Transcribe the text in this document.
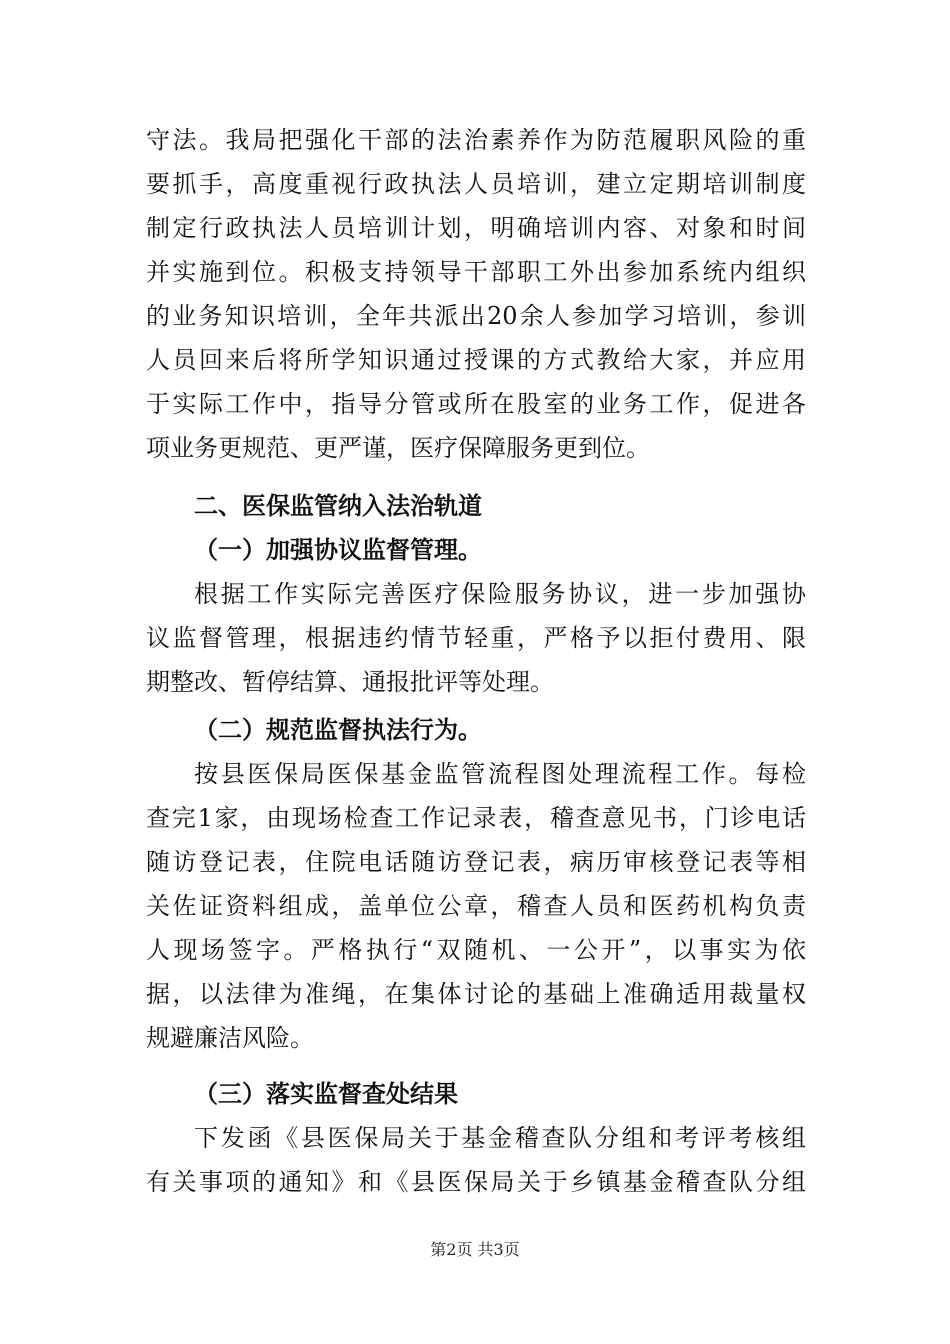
守法。我局把强化干部的法治素养作为防范履职风险的重
要抓手，高度重视行政执法人员培训，建立定期培训制度
制定行政执法人员培训计划，明确培训内容、对象和时间
并实施到位。积极支持领导干部职工外出参加系统内组织
的业务知识培训，全年共派出20余人参加学习培训，参训
人员回来后将所学知识通过授课的方式教给大家，并应用
于实际工作中，指导分管或所在股室的业务工作，促进各
项业务更规范、更严谨，医疗保障服务更到位。
二、医保监管纳入法治轨道
（一）加强协议监督管理。
根据工作实际完善医疗保险服务协议，进一步加强协
议监督管理，根据违约情节轻重，严格予以拒付费用、限
期整改、暂停结算、通报批评等处理。
（二）规范监督执法行为。
按县医保局医保基金监管流程图处理流程工作。每检
查完1家，由现场检查工作记录表，稽查意见书，门诊电话
随访登记表，住院电话随访登记表，病历审核登记表等相
关佐证资料组成，盖单位公章，稽查人员和医药机构负责
人现场签字。严格执行“双随机、一公开”，以事实为依
据，以法律为准绳，在集体讨论的基础上准确适用裁量权
规避廉洁风险。
（三）落实监督查处结果
下发函《县医保局关于基金稽查队分组和考评考核组
有关事项的通知》和《县医保局关于乡镇基金稽查队分组
第2页 共3页
